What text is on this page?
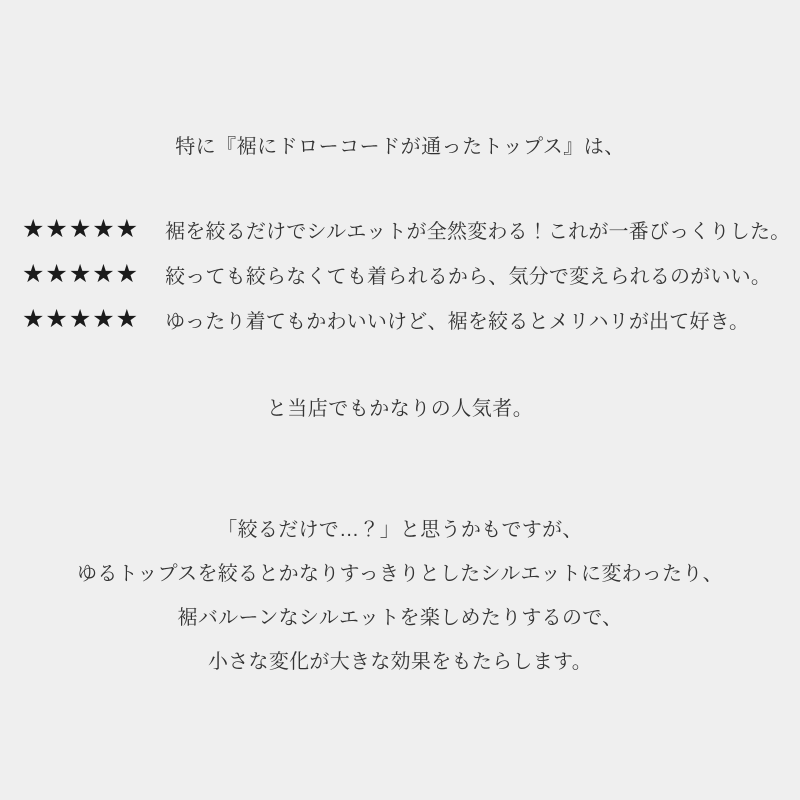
特に『裾にドローコードが通ったトップス』は、
★★★★★ 裾を絞るだけでシルエットが全然変わる！これが一番びっくりした。
★★★★★ 絞っても絞らなくても着られるから、気分で変えられるのがいい。
★★★★★ ゆったり着てもかわいいけど、裾を絞るとメリハリが出て好き。
と当店でもかなりの人気者。
「絞るだけで…？」と思うかもですが、
ゆるトップスを絞るとかなりすっきりとしたシルエットに変わったり、
裾バルーンなシルエットを楽しめたりするので、
小さな変化が大きな効果をもたらします。
